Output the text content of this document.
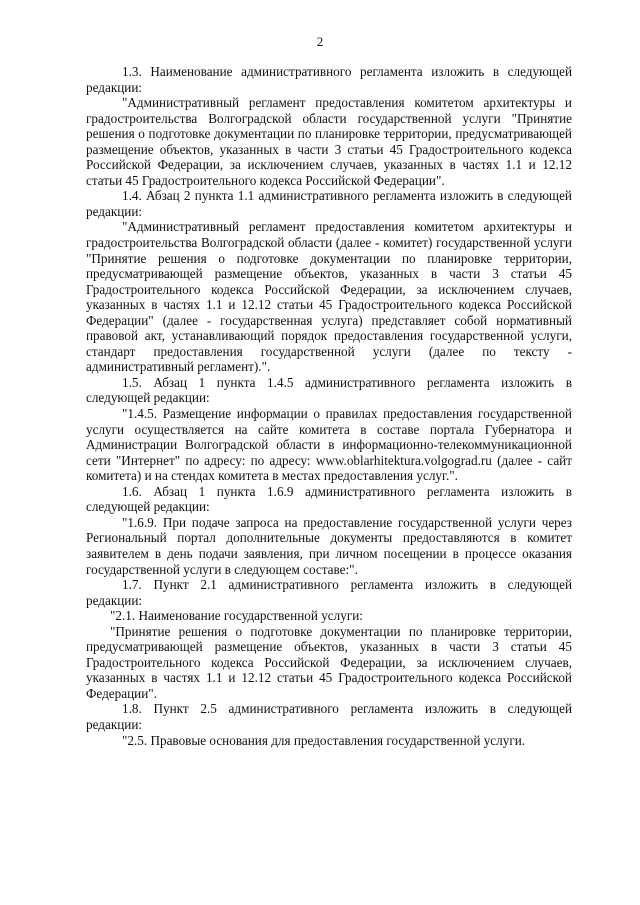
2

1.3. Наименование административного регламента изложить в следующей редакции:

"Административный регламент предоставления комитетом архитектуры и градостроительства Волгоградской области государственной услуги "Принятие решения о подготовке документации по планировке территории, предусматривающей размещение объектов, указанных в части 3 статьи 45 Градостроительного кодекса Российской Федерации, за исключением случаев, указанных в частях 1.1 и 12.12 статьи 45 Градостроительного кодекса Российской Федерации".

1.4. Абзац 2 пункта 1.1 административного регламента изложить в следующей редакции:

"Административный регламент предоставления комитетом архитектуры и градостроительства Волгоградской области (далее - комитет) государственной услуги "Принятие решения о подготовке документации по планировке территории, предусматривающей размещение объектов, указанных в части 3 статьи 45 Градостроительного кодекса Российской Федерации, за исключением случаев, указанных в частях 1.1 и 12.12 статьи 45 Градостроительного кодекса Российской Федерации" (далее - государственная услуга) представляет собой нормативный правовой акт, устанавливающий порядок предоставления государственной услуги, стандарт предоставления государственной услуги (далее по тексту - административный регламент).".

1.5. Абзац 1 пункта 1.4.5 административного регламента изложить в следующей редакции:

"1.4.5. Размещение информации о правилах предоставления государственной услуги осуществляется на сайте комитета в составе портала Губернатора и Администрации Волгоградской области в информационно-телекоммуникационной сети "Интернет" по адресу: по адресу: www.oblarhitektura.volgograd.ru (далее - сайт комитета) и на стендах комитета в местах предоставления услуг.".

1.6. Абзац 1 пункта 1.6.9 административного регламента изложить в следующей редакции:

"1.6.9. При подаче запроса на предоставление государственной услуги через Региональный портал дополнительные документы предоставляются в комитет заявителем в день подачи заявления, при личном посещении в процессе оказания государственной услуги в следующем составе:".

1.7. Пункт 2.1 административного регламента изложить в следующей редакции:

"2.1. Наименование государственной услуги:

"Принятие решения о подготовке документации по планировке территории, предусматривающей размещение объектов, указанных в части 3 статьи 45 Градостроительного кодекса Российской Федерации, за исключением случаев, указанных в частях 1.1 и 12.12 статьи 45 Градостроительного кодекса Российской Федерации".

1.8. Пункт 2.5 административного регламента изложить в следующей редакции:

"2.5. Правовые основания для предоставления государственной услуги.
